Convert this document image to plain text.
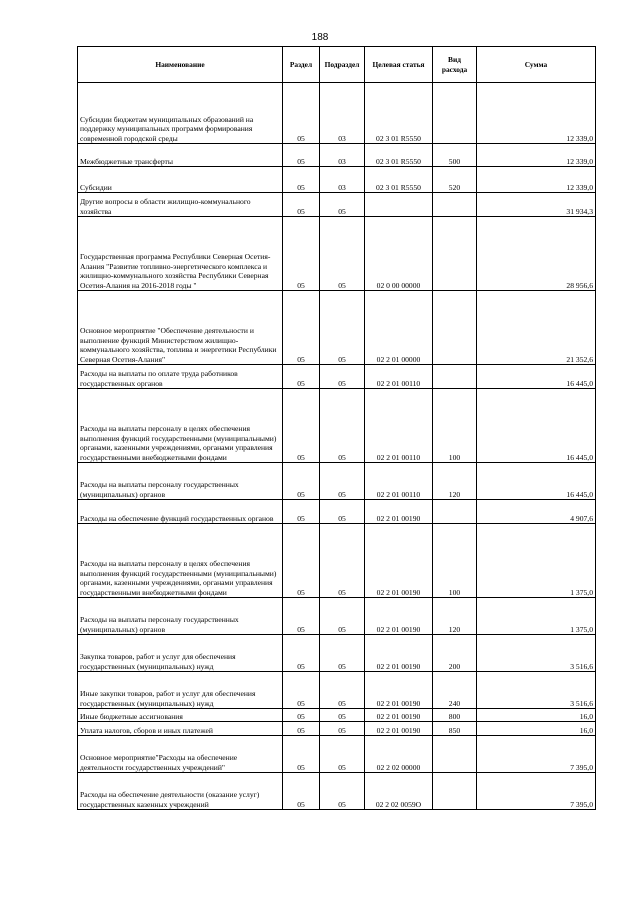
188
Наименование	Раздел	Подраздел	Целевая статья	Вид расхода	Сумма
Субсидии бюджетам муниципальных образований на поддержку муниципальных программ формирования современной городской среды	05	03	02 3 01 R5550		12 339,0
Межбюджетные трансферты	05	03	02 3 01 R5550	500	12 339,0
Субсидии	05	03	02 3 01 R5550	520	12 339,0
Другие вопросы в области жилищно-коммунального хозяйства	05	05			31 934,3
Государственная программа Республики Северная Осетия-Алания "Развитие топливно-энергетического комплекса и жилищно-коммунального хозяйства Республики Северная Осетия-Алания на 2016-2018 годы "	05	05	02 0 00 00000		28 956,6
Основное мероприятие "Обеспечение деятельности и выполнение функций Министерством жилищно-коммунального хозяйства, топлива и энергетики Республики Северная Осетия-Алания"	05	05	02 2 01 00000		21 352,6
Расходы на выплаты по оплате труда работников государственных органов	05	05	02 2 01 00110		16 445,0
Расходы на выплаты персоналу в целях обеспечения выполнения функций государственными (муниципальными) органами, казенными учреждениями, органами управления государственными внебюджетными фондами	05	05	02 2 01 00110	100	16 445,0
Расходы на выплаты персоналу государственных (муниципальных) органов	05	05	02 2 01 00110	120	16 445,0
Расходы на обеспечение функций государственных органов	05	05	02 2 01 00190		4 907,6
Расходы на выплаты персоналу в целях обеспечения выполнения функций государственными (муниципальными) органами, казенными учреждениями, органами управления государственными внебюджетными фондами	05	05	02 2 01 00190	100	1 375,0
Расходы на выплаты персоналу государственных (муниципальных) органов	05	05	02 2 01 00190	120	1 375,0
Закупка товаров, работ и услуг для обеспечения государственных (муниципальных) нужд	05	05	02 2 01 00190	200	3 516,6
Иные закупки товаров, работ и услуг для обеспечения государственных (муниципальных) нужд	05	05	02 2 01 00190	240	3 516,6
Иные бюджетные ассигнования	05	05	02 2 01 00190	800	16,0
Уплата налогов, сборов и иных платежей	05	05	02 2 01 00190	850	16,0
Основное мероприятие"Расходы на обеспечение деятельности государственных учреждений"	05	05	02 2 02 00000		7 395,0
Расходы на обеспечение деятельности (оказание услуг) государственных казенных учреждений	05	05	02 2 02 0059О		7 395,0
